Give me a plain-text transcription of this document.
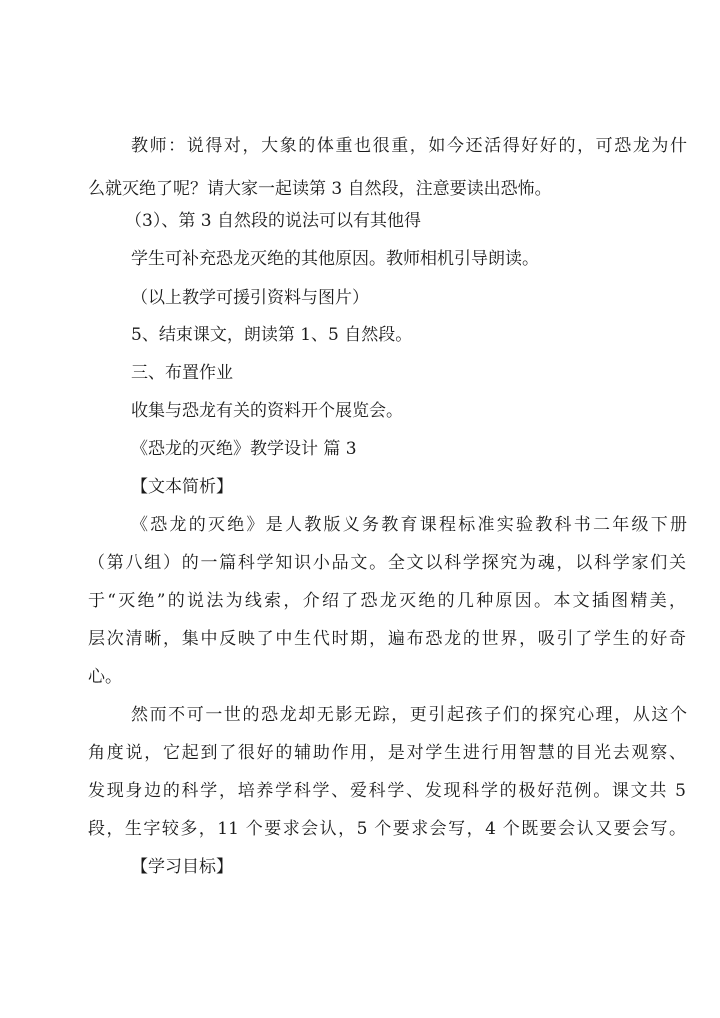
教师：说得对，大象的体重也很重，如今还活得好好的，可恐龙为什
么就灭绝了呢？请大家一起读第 3 自然段，注意要读出恐怖。
（3）、第 3 自然段的说法可以有其他得
学生可补充恐龙灭绝的其他原因。教师相机引导朗读。
（以上教学可援引资料与图片）
5、结束课文，朗读第 1、5 自然段。
三、布置作业
收集与恐龙有关的资料开个展览会。
《恐龙的灭绝》教学设计 篇 3
【文本简析】
《恐龙的灭绝》是人教版义务教育课程标准实验教科书二年级下册
（第八组）的一篇科学知识小品文。全文以科学探究为魂，以科学家们关
于“灭绝”的说法为线索，介绍了恐龙灭绝的几种原因。本文插图精美，
层次清晰，集中反映了中生代时期，遍布恐龙的世界，吸引了学生的好奇
心。
然而不可一世的恐龙却无影无踪，更引起孩子们的探究心理，从这个
角度说，它起到了很好的辅助作用，是对学生进行用智慧的目光去观察、
发现身边的科学，培养学科学、爱科学、发现科学的极好范例。课文共 5
段，生字较多，11 个要求会认，5 个要求会写，4 个既要会认又要会写。
【学习目标】
